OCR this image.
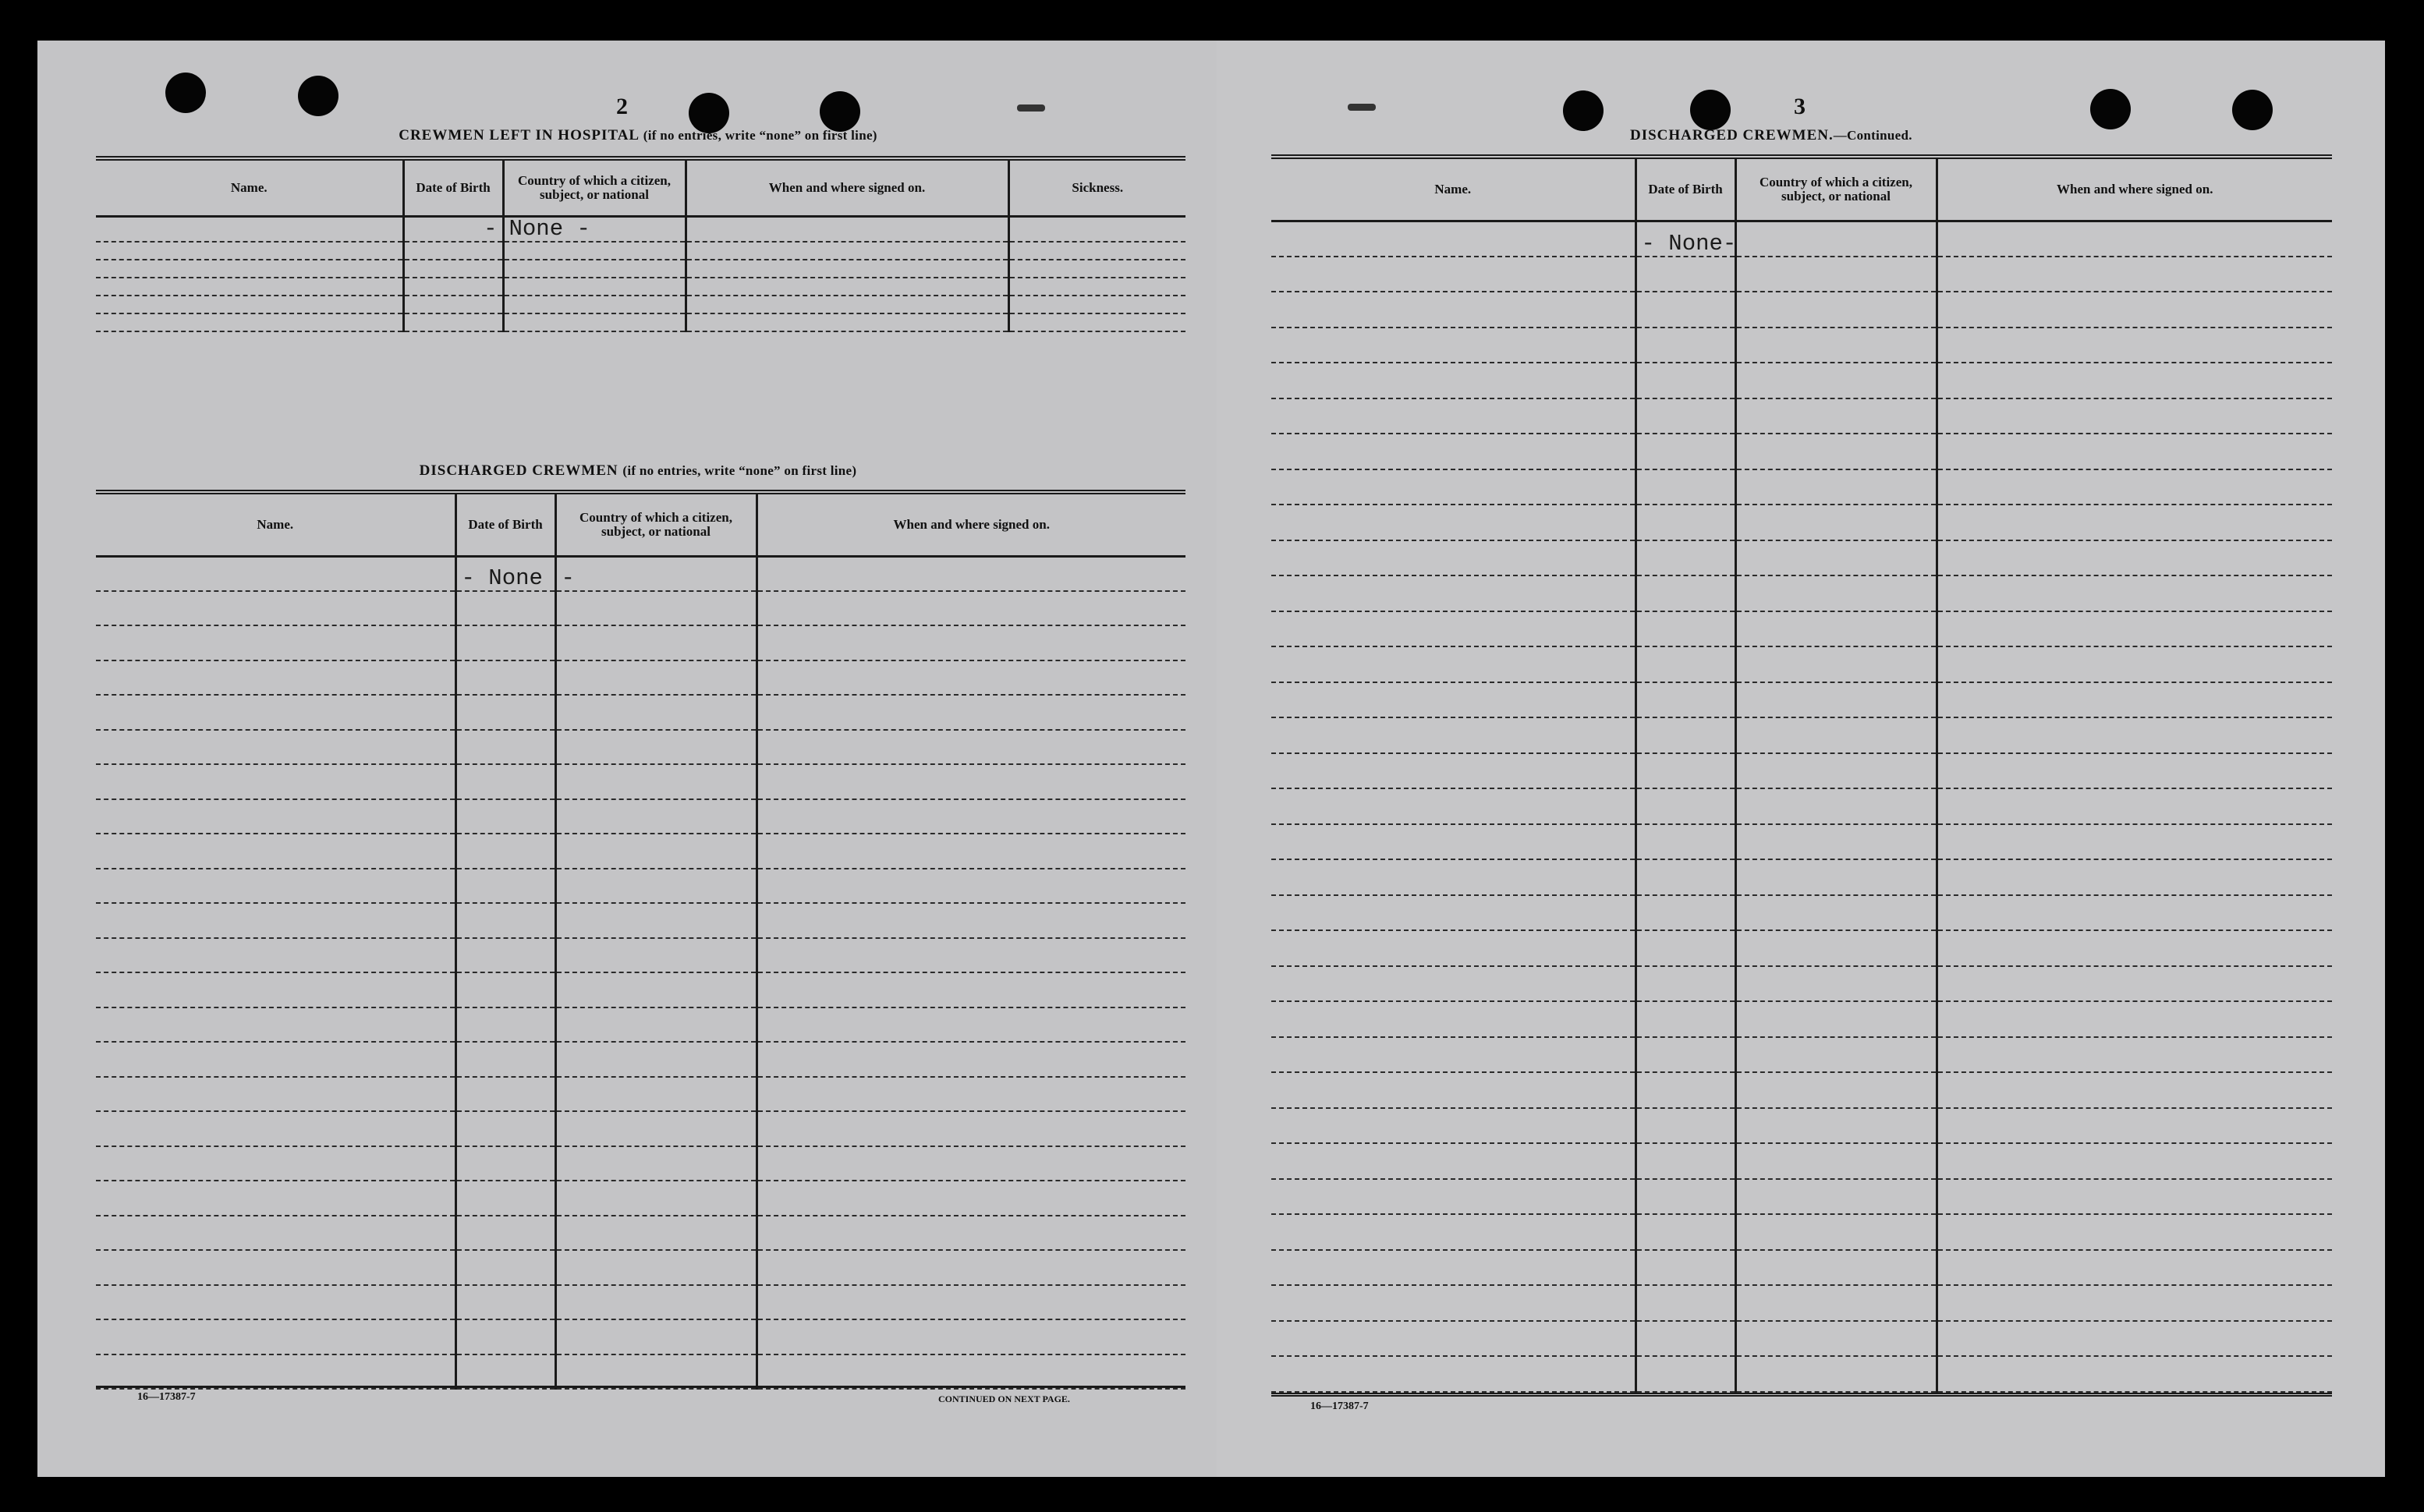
2
CREWMEN LEFT IN HOSPITAL (if no entries, write “none” on first line)
Name.	Date of Birth	Country of which a citizen, subject, or national	When and where signed on.	Sickness.
	-	None -		

DISCHARGED CREWMEN (if no entries, write “none” on first line)
Name.	Date of Birth	Country of which a citizen, subject, or national	When and where signed on.
	- None	-	

16—17387-7	CONTINUED ON NEXT PAGE.
3
DISCHARGED CREWMEN.—Continued.
Name.	Date of Birth	Country of which a citizen, subject, or national	When and where signed on.
	- None-		

16—17387-7
